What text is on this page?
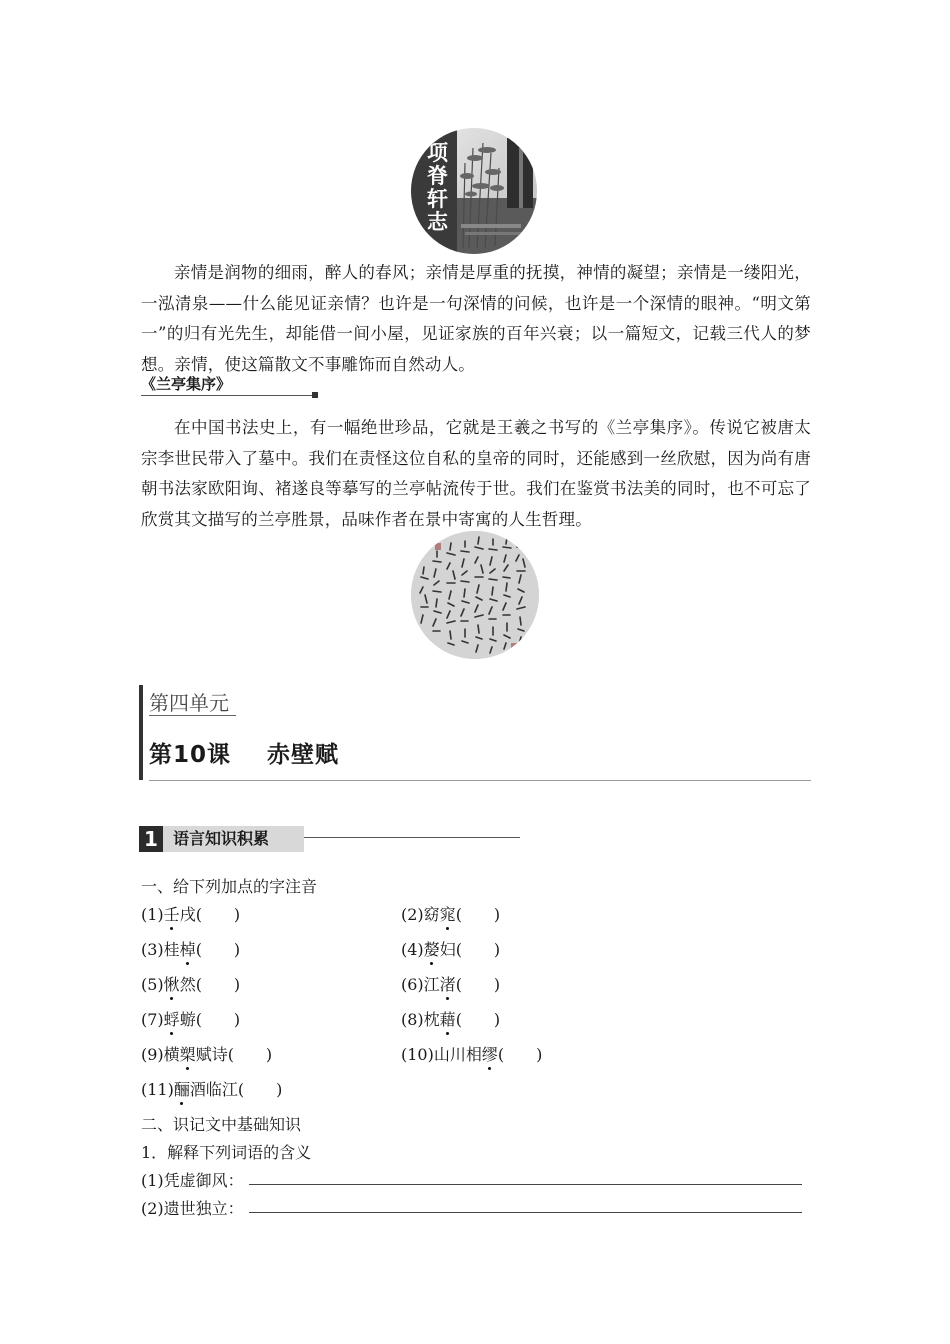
项脊轩志
亲情是润物的细雨，醉人的春风；亲情是厚重的抚摸，神情的凝望；亲情是一缕阳光，一泓清泉——什么能见证亲情？也许是一句深情的问候，也许是一个深情的眼神。“明文第一”的归有光先生，却能借一间小屋，见证家族的百年兴衰；以一篇短文，记载三代人的梦想。亲情，使这篇散文不事雕饰而自然动人。
《兰亭集序》
在中国书法史上，有一幅绝世珍品，它就是王羲之书写的《兰亭集序》。传说它被唐太宗李世民带入了墓中。我们在责怪这位自私的皇帝的同时，还能感到一丝欣慰，因为尚有唐朝书法家欧阳询、褚遂良等摹写的兰亭帖流传于世。我们在鉴赏书法美的同时，也不可忘了欣赏其文描写的兰亭胜景，品味作者在景中寄寓的人生哲理。
第四单元
第10课    赤壁赋
1 语言知识积累
一、给下列加点的字注音
(1)壬戌(　　)	(2)窈窕(　　)
(3)桂棹(　　)	(4)嫠妇(　　)
(5)愀然(　　)	(6)江渚(　　)
(7)蜉蝣(　　)	(8)枕藉(　　)
(9)横槊赋诗(　　)	(10)山川相缪(　　)
(11)酾酒临江(　　)
二、识记文中基础知识
1．解释下列词语的含义
(1)凭虚御风：
(2)遗世独立：
